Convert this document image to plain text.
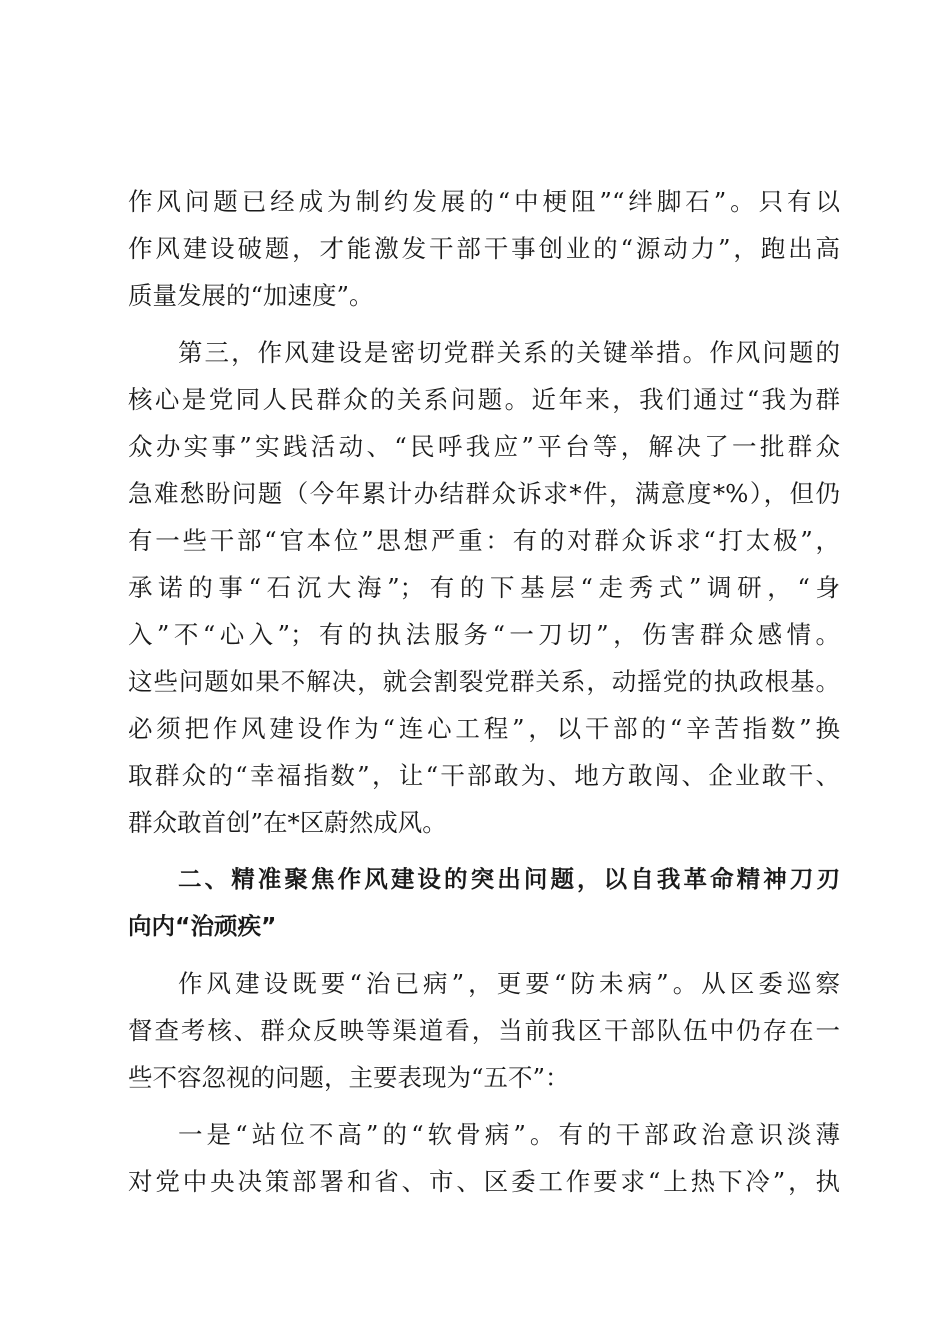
作风问题已经成为制约发展的“中梗阻”“绊脚石”。只有以
作风建设破题，才能激发干部干事创业的“源动力”，跑出高
质量发展的“加速度”。
第三，作风建设是密切党群关系的关键举措。作风问题的
核心是党同人民群众的关系问题。近年来，我们通过“我为群
众办实事”实践活动、“民呼我应”平台等，解决了一批群众
急难愁盼问题（今年累计办结群众诉求*件，满意度*%），但仍
有一些干部“官本位”思想严重：有的对群众诉求“打太极”，
承诺的事“石沉大海”；有的下基层“走秀式”调研，“身
入”不“心入”；有的执法服务“一刀切”，伤害群众感情。
这些问题如果不解决，就会割裂党群关系，动摇党的执政根基。
必须把作风建设作为“连心工程”，以干部的“辛苦指数”换
取群众的“幸福指数”，让“干部敢为、地方敢闯、企业敢干、
群众敢首创”在*区蔚然成风。
二、精准聚焦作风建设的突出问题，以自我革命精神刀刃
向内“治顽疾”
作风建设既要“治已病”，更要“防未病”。从区委巡察
督查考核、群众反映等渠道看，当前我区干部队伍中仍存在一
些不容忽视的问题，主要表现为“五不”：
一是“站位不高”的“软骨病”。有的干部政治意识淡薄
对党中央决策部署和省、市、区委工作要求“上热下冷”，执
